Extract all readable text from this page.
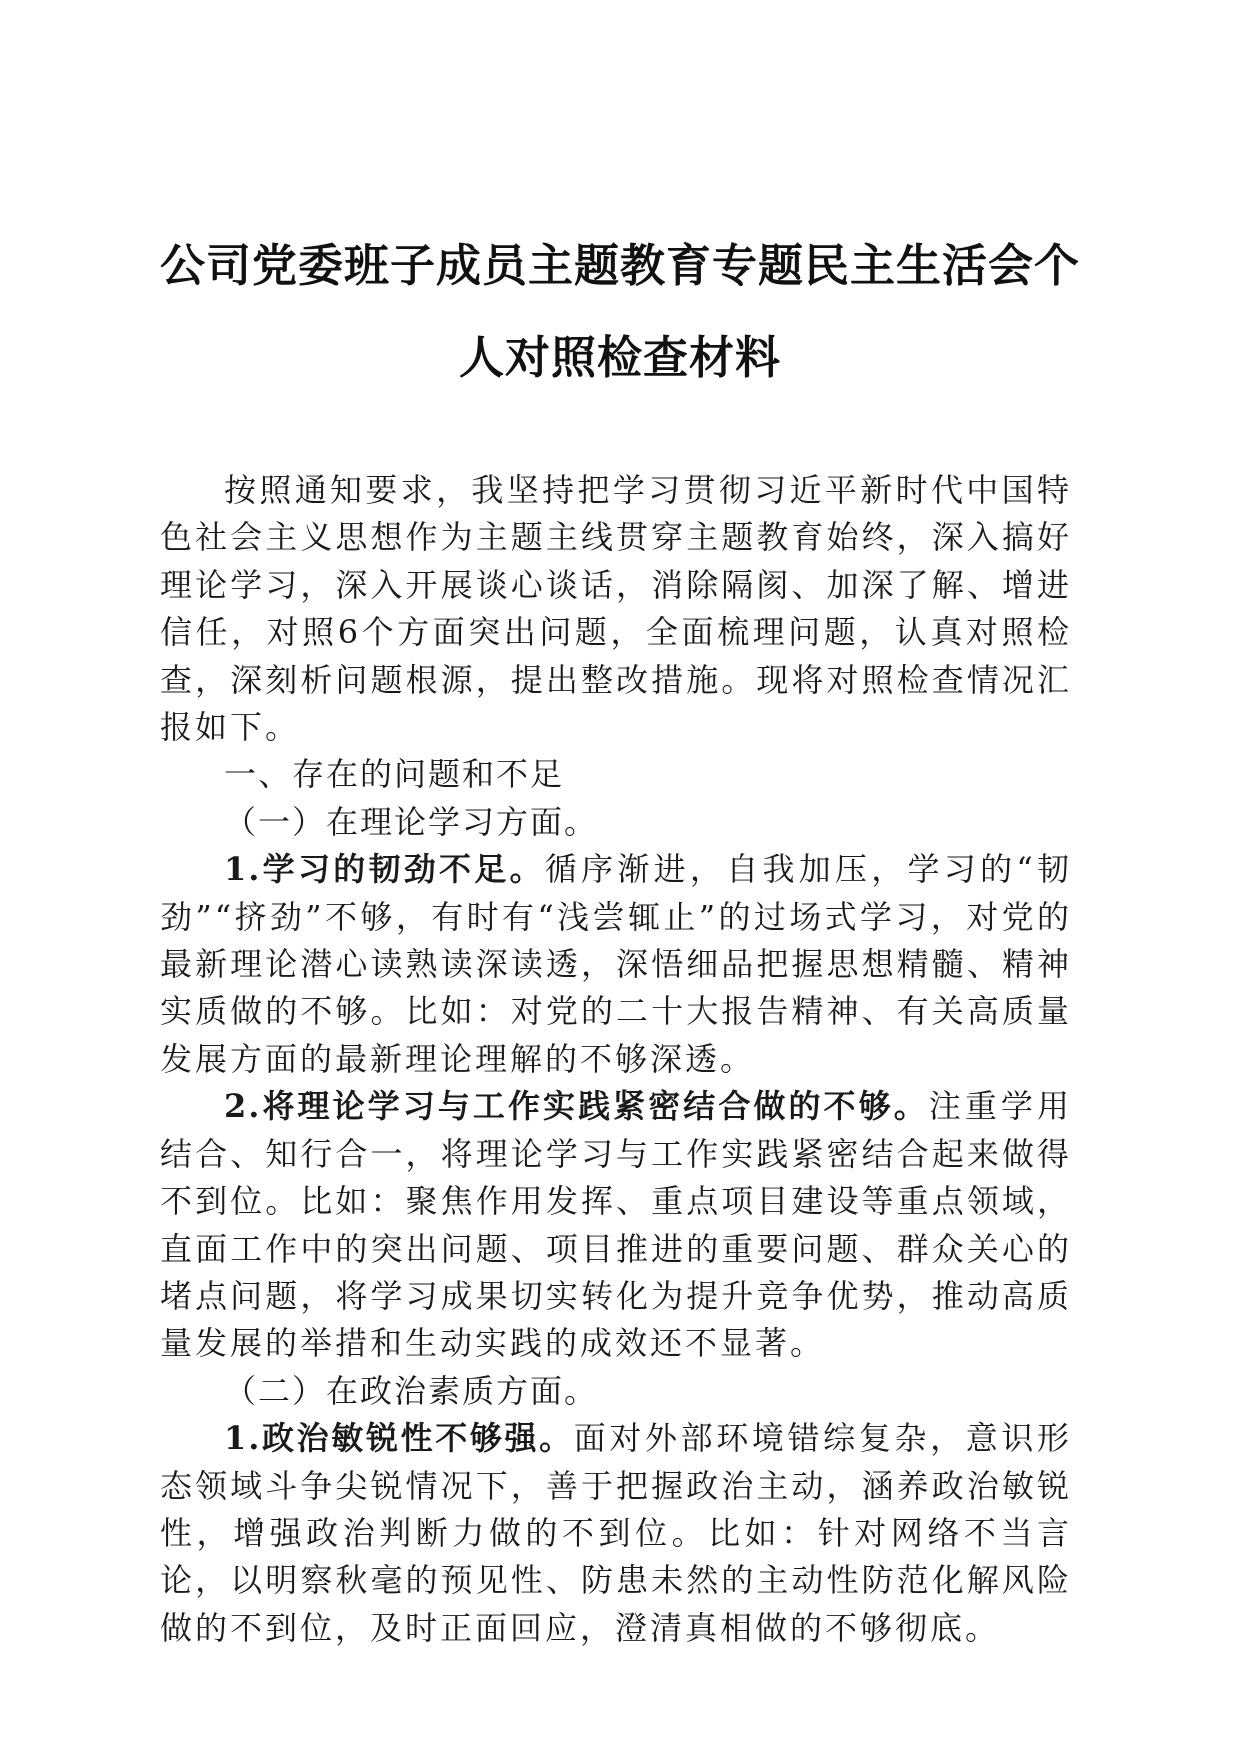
公司党委班子成员主题教育专题民主生活会个
人对照检查材料

按照通知要求，我坚持把学习贯彻习近平新时代中国特色社会主义思想作为主题主线贯穿主题教育始终，深入搞好理论学习，深入开展谈心谈话，消除隔阂、加深了解、增进信任，对照6个方面突出问题，全面梳理问题，认真对照检查，深刻析问题根源，提出整改措施。现将对照检查情况汇报如下。

一、存在的问题和不足

（一）在理论学习方面。

1.学习的韧劲不足。循序渐进，自我加压，学习的“韧劲”“挤劲”不够，有时有“浅尝辄止”的过场式学习，对党的最新理论潜心读熟读深读透，深悟细品把握思想精髓、精神实质做的不够。比如：对党的二十大报告精神、有关高质量发展方面的最新理论理解的不够深透。

2.将理论学习与工作实践紧密结合做的不够。注重学用结合、知行合一，将理论学习与工作实践紧密结合起来做得不到位。比如：聚焦作用发挥、重点项目建设等重点领域，直面工作中的突出问题、项目推进的重要问题、群众关心的堵点问题，将学习成果切实转化为提升竞争优势，推动高质量发展的举措和生动实践的成效还不显著。

（二）在政治素质方面。

1.政治敏锐性不够强。面对外部环境错综复杂，意识形态领域斗争尖锐情况下，善于把握政治主动，涵养政治敏锐性，增强政治判断力做的不到位。比如：针对网络不当言论，以明察秋毫的预见性、防患未然的主动性防范化解风险做的不到位，及时正面回应，澄清真相做的不够彻底。
